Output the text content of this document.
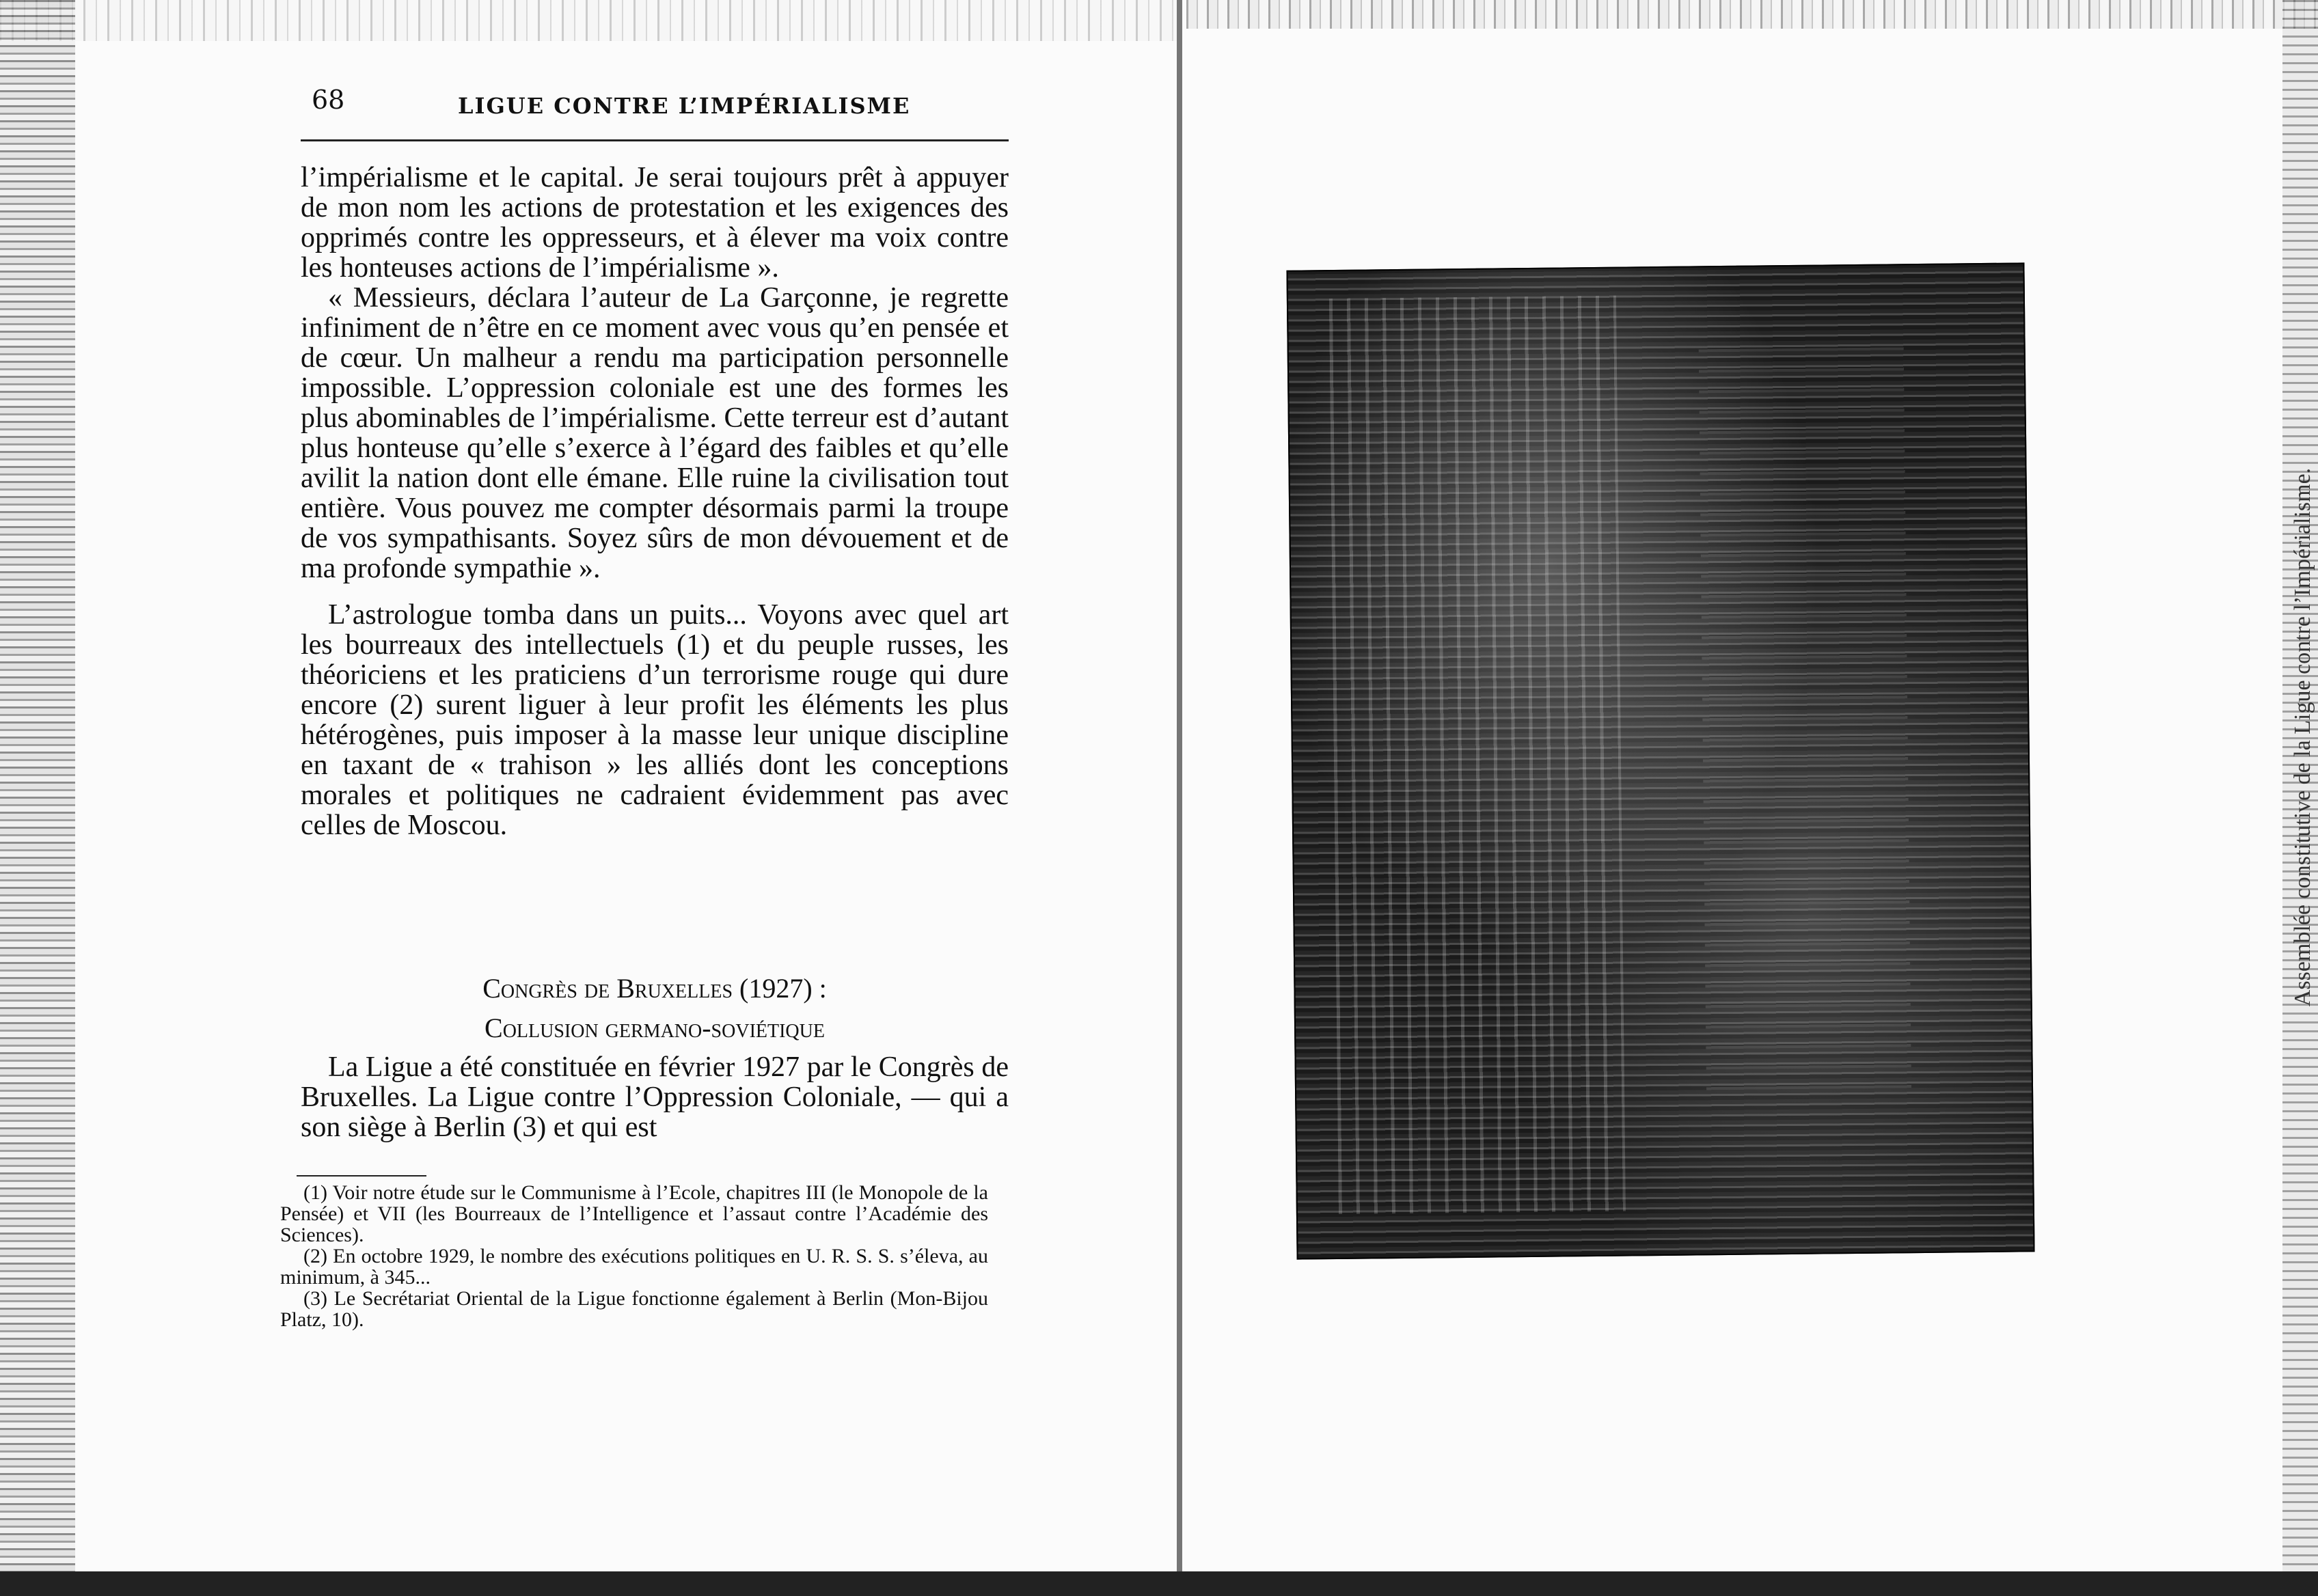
68	LIGUE CONTRE L’IMPÉRIALISME

l’impérialisme et le capital. Je serai toujours prêt à appuyer de mon nom les actions de protestation et les exigences des opprimés contre les oppresseurs, et à élever ma voix contre les honteuses actions de l’impérialisme ».

« Messieurs, déclara l’auteur de La Garçonne, je regrette infiniment de n’être en ce moment avec vous qu’en pensée et de cœur. Un malheur a rendu ma participation personnelle impossible. L’oppression coloniale est une des formes les plus abominables de l’impérialisme. Cette terreur est d’autant plus honteuse qu’elle s’exerce à l’égard des faibles et qu’elle avilit la nation dont elle émane. Elle ruine la civilisation tout entière. Vous pouvez me compter désormais parmi la troupe de vos sympathisants. Soyez sûrs de mon dévouement et de ma profonde sympathie ».

L’astrologue tomba dans un puits... Voyons avec quel art les bourreaux des intellectuels (1) et du peuple russes, les théoriciens et les praticiens d’un terrorisme rouge qui dure encore (2) surent liguer à leur profit les éléments les plus hétérogènes, puis imposer à la masse leur unique discipline en taxant de « trahison » les alliés dont les conceptions morales et politiques ne cadraient évidemment pas avec celles de Moscou.

Congrès de Bruxelles (1927) :
Collusion germano-soviétique

La Ligue a été constituée en février 1927 par le Congrès de Bruxelles. La Ligue contre l’Oppression Coloniale, — qui a son siège à Berlin (3) et qui est

(1) Voir notre étude sur le Communisme à l’Ecole, chapitres III (le Monopole de la Pensée) et VII (les Bourreaux de l’Intelligence et l’assaut contre l’Académie des Sciences).

(2) En octobre 1929, le nombre des exécutions politiques en U. R. S. S. s’éleva, au minimum, à 345...

(3) Le Secrétariat Oriental de la Ligue fonctionne également à Berlin (Mon-Bijou Platz, 10).

Assemblée constitutive de la Ligue contre l’Impérialisme.
